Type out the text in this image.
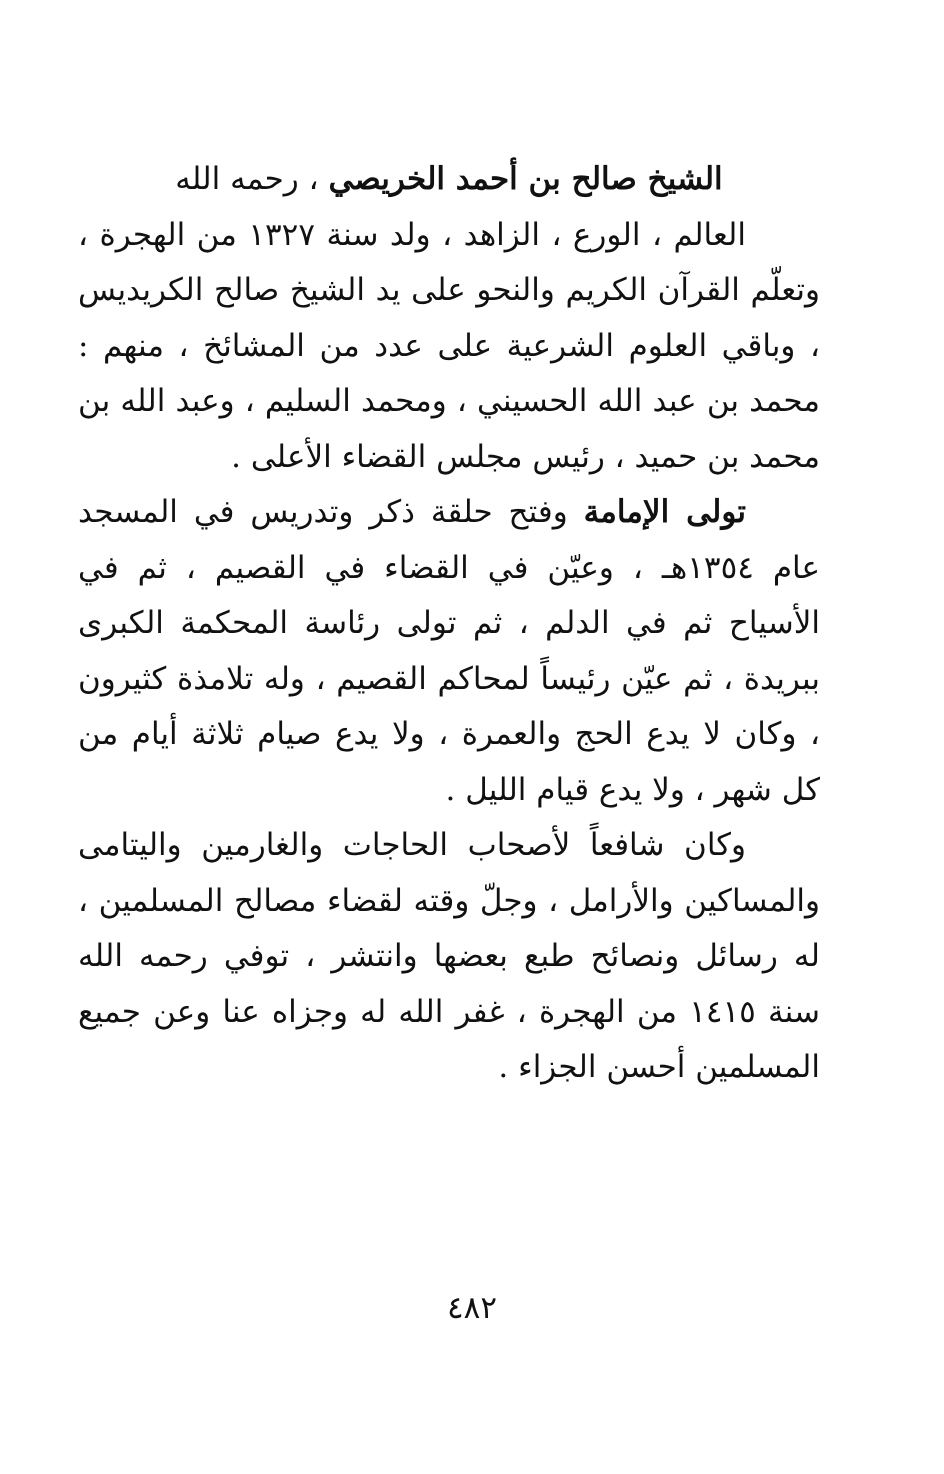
الشيخ صالح بن أحمد الخريصي ، رحمه الله

العالم ، الورع ، الزاهد ، ولد سنة ١٣٢٧ من الهجرة ، وتعلّم القرآن الكريم والنحو على يد الشيخ صالح الكريديس ، وباقي العلوم الشرعية على عدد من المشائخ ، منهم : محمد بن عبد الله الحسيني ، ومحمد السليم ، وعبد الله بن محمد بن حميد ، رئيس مجلس القضاء الأعلى .

تولى الإمامة وفتح حلقة ذكر وتدريس في المسجد عام ١٣٥٤هـ ، وعيّن في القضاء في القصيم ، ثم في الأسياح ثم في الدلم ، ثم تولى رئاسة المحكمة الكبرى ببريدة ، ثم عيّن رئيساً لمحاكم القصيم ، وله تلامذة كثيرون ، وكان لا يدع الحج والعمرة ، ولا يدع صيام ثلاثة أيام من كل شهر ، ولا يدع قيام الليل .

وكان شافعاً لأصحاب الحاجات والغارمين واليتامى والمساكين والأرامل ، وجلّ وقته لقضاء مصالح المسلمين ، له رسائل ونصائح طبع بعضها وانتشر ، توفي رحمه الله سنة ١٤١٥ من الهجرة ، غفر الله له وجزاه عنا وعن جميع المسلمين أحسن الجزاء .

٤٨٢
